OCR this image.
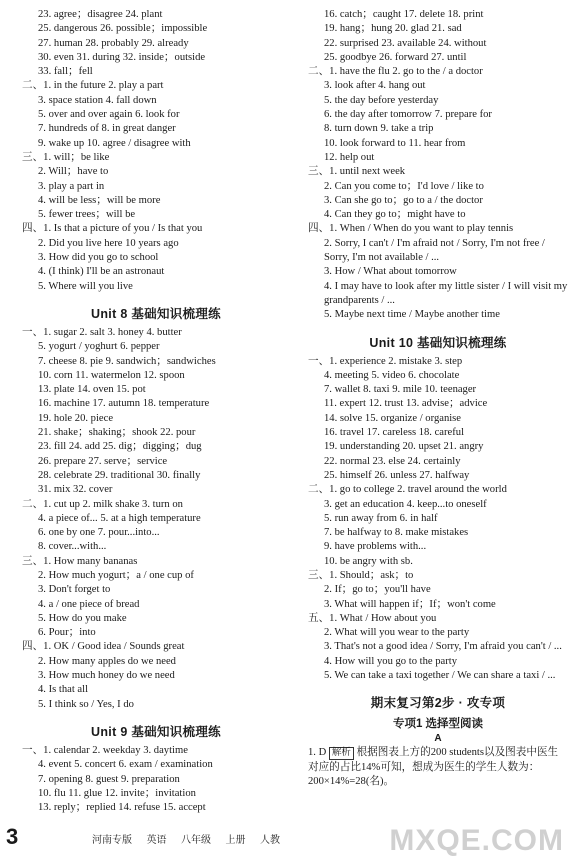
23. agree；disagree 24. plant
25. dangerous 26. possible；impossible
27. human 28. probably 29. already
30. even 31. during 32. inside；outside
33. fall；fell
二、1. in the future 2. play a part
3. space station 4. fall down
5. over and over again 6. look for
7. hundreds of 8. in great danger
9. wake up 10. agree / disagree with
三、1. will；be like
2. Will；have to
3. play a part in
4. will be less；will be more
5. fewer trees；will be
四、1. Is that a picture of you / Is that you
2. Did you live here 10 years ago
3. How did you go to school
4. (I think) I'll be an astronaut
5. Where will you live
Unit 8 基础知识梳理练
一、1. sugar 2. salt 3. honey 4. butter
5. yogurt / yoghurt 6. pepper
7. cheese 8. pie 9. sandwich；sandwiches
10. corn 11. watermelon 12. spoon
13. plate 14. oven 15. pot
16. machine 17. autumn 18. temperature
19. hole 20. piece
21. shake；shaking；shook 22. pour
23. fill 24. add 25. dig；digging；dug
26. prepare 27. serve；service
28. celebrate 29. traditional 30. finally
31. mix 32. cover
二、1. cut up 2. milk shake 3. turn on
4. a piece of... 5. at a high temperature
6. one by one 7. pour...into...
8. cover...with...
三、1. How many bananas
2. How much yogurt；a / one cup of
3. Don't forget to
4. a / one piece of bread
5. How do you make
6. Pour；into
四、1. OK / Good idea / Sounds great
2. How many apples do we need
3. How much honey do we need
4. Is that all
5. I think so / Yes, I do
Unit 9 基础知识梳理练
一、1. calendar 2. weekday 3. daytime
4. event 5. concert 6. exam / examination
7. opening 8. guest 9. preparation
10. flu 11. glue 12. invite；invitation
13. reply；replied 14. refuse 15. accept
16. catch；caught 17. delete 18. print
19. hang；hung 20. glad 21. sad
22. surprised 23. available 24. without
25. goodbye 26. forward 27. until
二、1. have the flu 2. go to the / a doctor
3. look after 4. hang out
5. the day before yesterday
6. the day after tomorrow 7. prepare for
8. turn down 9. take a trip
10. look forward to 11. hear from
12. help out
三、1. until next week
2. Can you come to；I'd love / like to
3. Can she go to；go to a / the doctor
4. Can they go to；might have to
四、1. When / When do you want to play tennis
2. Sorry, I can't / I'm afraid not / Sorry, I'm not free / Sorry, I'm not available / ...
3. How / What about tomorrow
4. I may have to look after my little sister / I will visit my grandparents / ...
5. Maybe next time / Maybe another time
Unit 10 基础知识梳理练
一、1. experience 2. mistake 3. step
4. meeting 5. video 6. chocolate
7. wallet 8. taxi 9. mile 10. teenager
11. expert 12. trust 13. advise；advice
14. solve 15. organize / organise
16. travel 17. careless 18. careful
19. understanding 20. upset 21. angry
22. normal 23. else 24. certainly
25. himself 26. unless 27. halfway
二、1. go to college 2. travel around the world
3. get an education 4. keep...to oneself
5. run away from 6. in half
7. be halfway to 8. make mistakes
9. have problems with...
10. be angry with sb.
三、1. Should；ask；to
2. If；go to；you'll have
3. What will happen if；If；won't come
五、1. What / How about you
2. What will you wear to the party
3. That's not a good idea / Sorry, I'm afraid you can't / ...
4. How will you go to the party
5. We can take a taxi together / We can share a taxi / ...
期末复习第2步 · 攻专项
专项1 选择型阅读
A
1. D 解析 根据图表上方的200 students以及图表中医生对应的占比14%可知，想成为医生的学生人数为：200×14%=28(名)。
MXQE.COM
3	河南专版 英语 八年级 上册 人教
